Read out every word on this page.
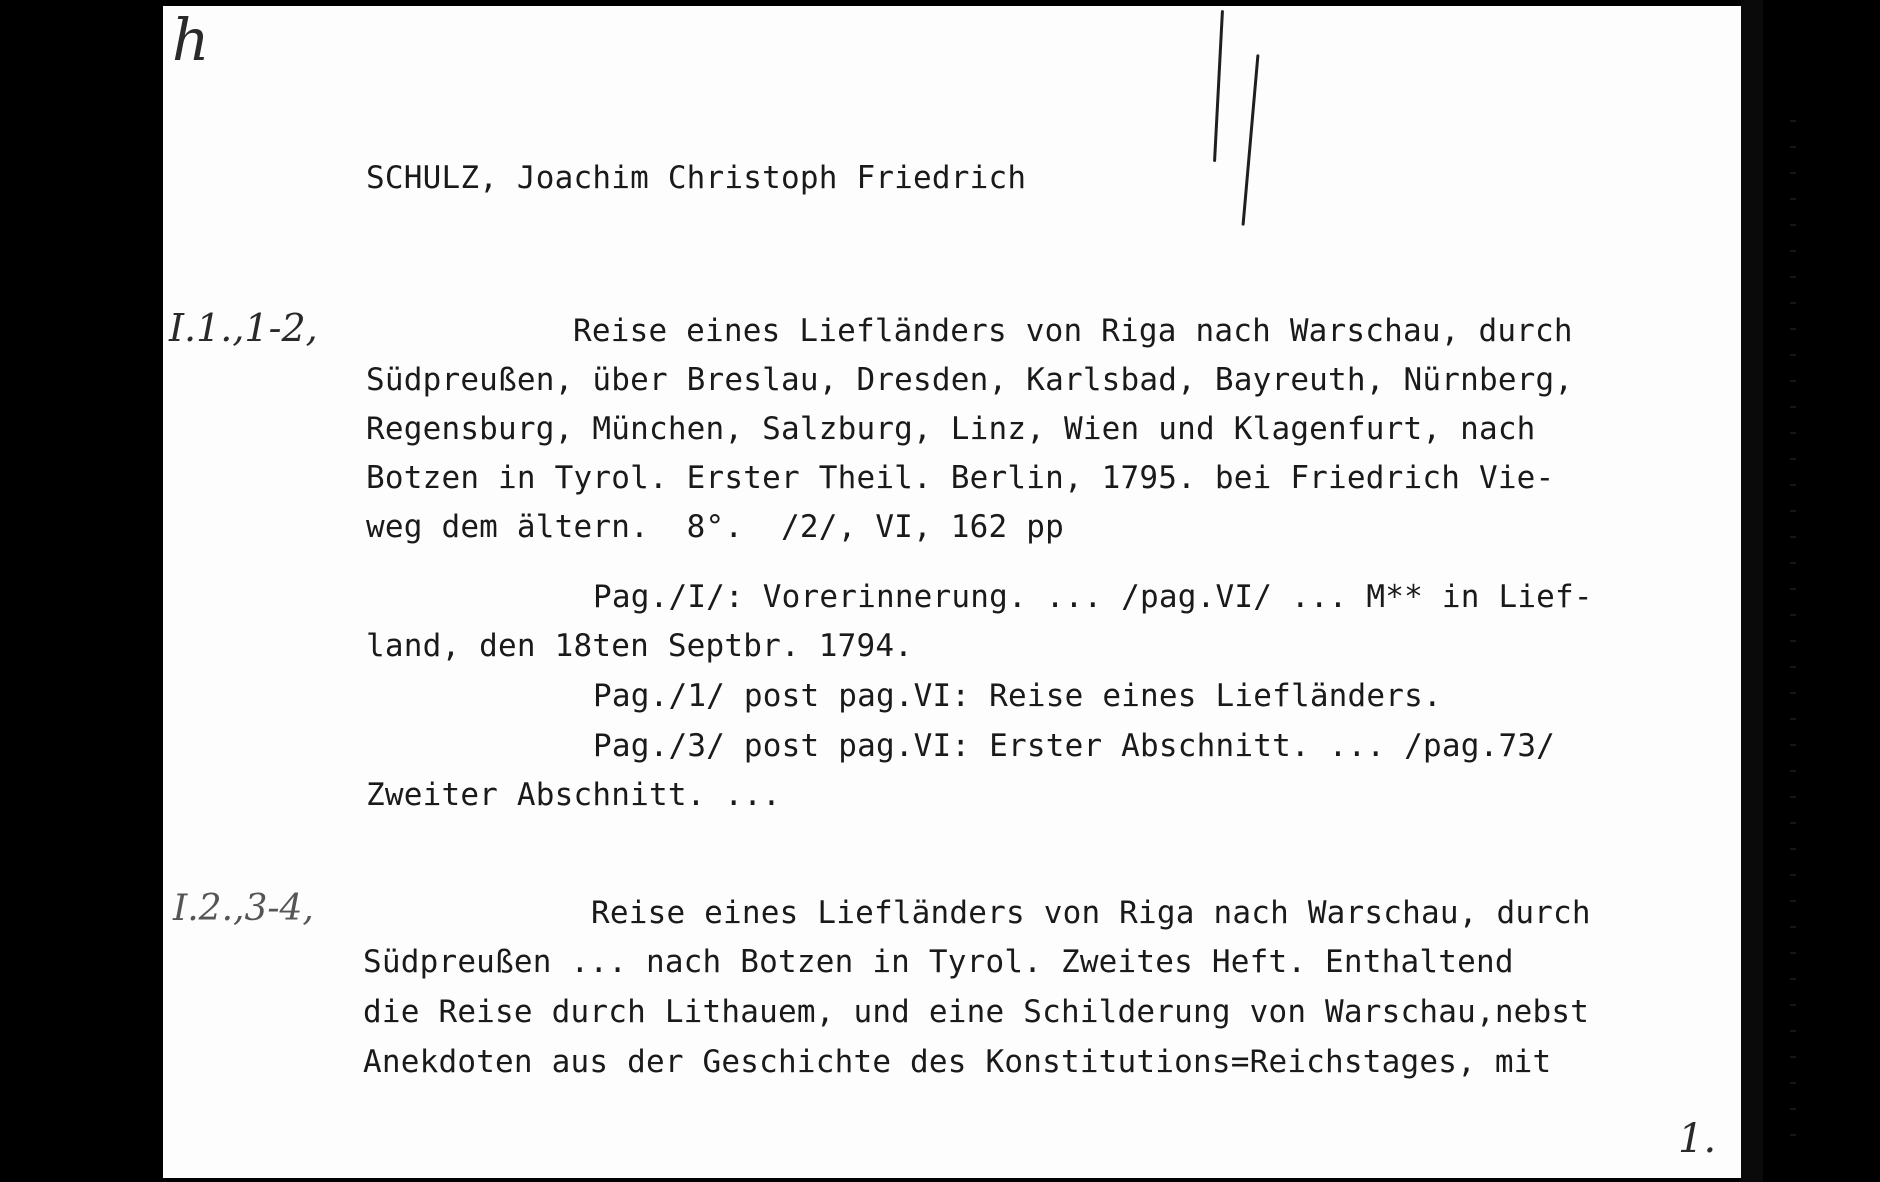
h
SCHULZ, Joachim Christoph Friedrich
I.1.,1-2,	Reise eines Liefländers von Riga nach Warschau, durch
Südpreußen, über Breslau, Dresden, Karlsbad, Bayreuth, Nürnberg,
Regensburg, München, Salzburg, Linz, Wien und Klagenfurt, nach
Botzen in Tyrol. Erster Theil. Berlin, 1795. bei Friedrich Vie-
weg dem ältern.  8°.  /2/, VI, 162 pp
Pag./I/: Vorerinnerung. ... /pag.VI/ ... M** in Lief-
land, den 18ten Septbr. 1794.
Pag./1/ post pag.VI: Reise eines Liefländers.
Pag./3/ post pag.VI: Erster Abschnitt. ... /pag.73/
Zweiter Abschnitt. ...
I.2.,3-4,	Reise eines Liefländers von Riga nach Warschau, durch
Südpreußen ... nach Botzen in Tyrol. Zweites Heft. Enthaltend
die Reise durch Lithauem, und eine Schilderung von Warschau,nebst
Anekdoten aus der Geschichte des Konstitutions=Reichstages, mit
1.
